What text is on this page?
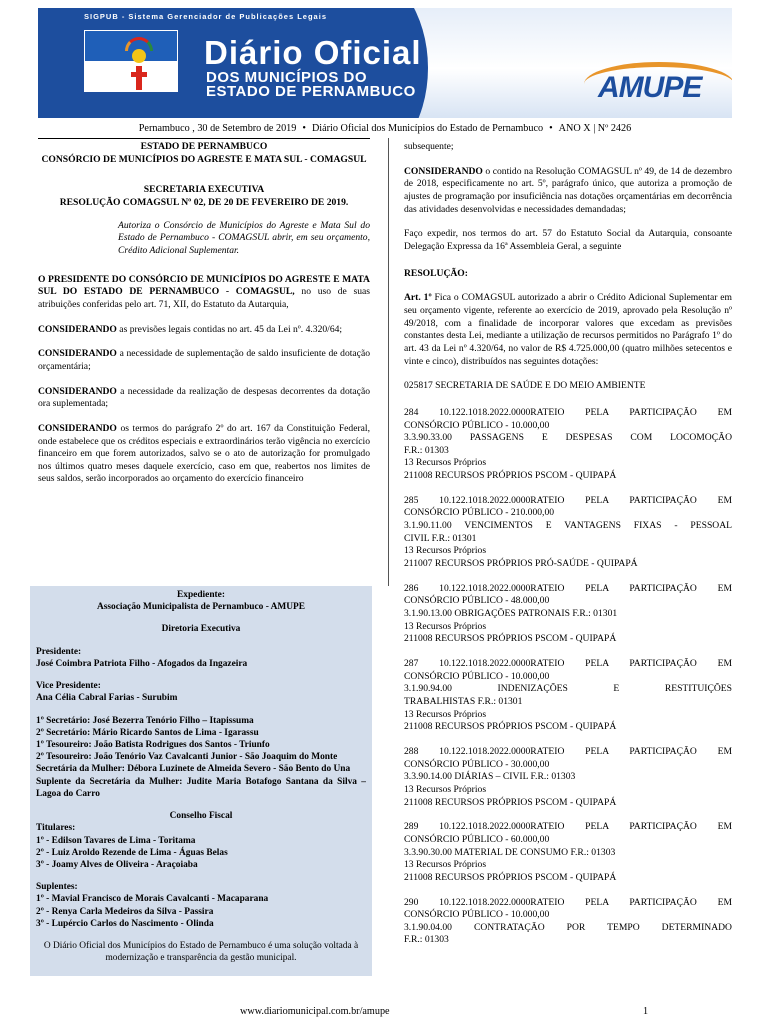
SIGPUB - Sistema Gerenciador de Publicações Legais
Diário Oficial
DOS MUNICÍPIOS DO
ESTADO DE PERNAMBUCO	AMUPE
Pernambuco , 30 de Setembro de 2019 • Diário Oficial dos Municípios do Estado de Pernambuco • ANO X | Nº 2426
ESTADO DE PERNAMBUCO
CONSÓRCIO DE MUNICÍPIOS DO AGRESTE E MATA SUL - COMAGSUL
SECRETARIA EXECUTIVA
RESOLUÇÃO COMAGSUL Nº 02, DE 20 DE FEVEREIRO DE 2019.
Autoriza o Consórcio de Municípios do Agreste e Mata Sul do Estado de Pernambuco - COMAGSUL abrir, em seu orçamento, Crédito Adicional Suplementar.
O PRESIDENTE DO CONSÓRCIO DE MUNICÍPIOS DO AGRESTE E MATA SUL DO ESTADO DE PERNAMBUCO - COMAGSUL, no uso de suas atribuições conferidas pelo art. 71, XII, do Estatuto da Autarquia,
CONSIDERANDO as previsões legais contidas no art. 45 da Lei nº. 4.320/64;
CONSIDERANDO a necessidade de suplementação de saldo insuficiente de dotação orçamentária;
CONSIDERANDO a necessidade da realização de despesas decorrentes da dotação ora suplementada;
CONSIDERANDO os termos do parágrafo 2º do art. 167 da Constituição Federal, onde estabelece que os créditos especiais e extraordinários terão vigência no exercício financeiro em que forem autorizados, salvo se o ato de autorização for promulgado nos últimos quatro meses daquele exercício, caso em que, reabertos nos limites de seus saldos, serão incorporados ao orçamento do exercício financeiro
Expediente:
Associação Municipalista de Pernambuco - AMUPE
Diretoria Executiva
Presidente:
José Coimbra Patriota Filho - Afogados da Ingazeira
Vice Presidente:
Ana Célia Cabral Farias - Surubim
1º Secretário: José Bezerra Tenório Filho – Itapissuma
2º Secretário: Mário Ricardo Santos de Lima - Igarassu
1º Tesoureiro: João Batista Rodrigues dos Santos - Triunfo
2º Tesoureiro: João Tenório Vaz Cavalcanti Junior - São Joaquim do Monte
Secretária da Mulher: Débora Luzinete de Almeida Severo - São Bento do Una
Suplente da Secretária da Mulher: Judite Maria Botafogo Santana da Silva – Lagoa do Carro
Conselho Fiscal
Titulares:
1º - Edilson Tavares de Lima - Toritama
2º - Luiz Aroldo Rezende de Lima - Águas Belas
3º - Joamy Alves de Oliveira - Araçoiaba
Suplentes:
1º - Mavial Francisco de Morais Cavalcanti - Macaparana
2º - Renya Carla Medeiros da Silva - Passira
3º - Lupércio Carlos do Nascimento - Olinda
O Diário Oficial dos Municípios do Estado de Pernambuco é uma solução voltada à modernização e transparência da gestão municipal.
subsequente;
CONSIDERANDO o contido na Resolução COMAGSUL nº 49, de 14 de dezembro de 2018, especificamente no art. 5º, parágrafo único, que autoriza a promoção de ajustes de programação por insuficiência nas dotações orçamentárias em decorrência das atividades desenvolvidas e necessidades demandadas;
Faço expedir, nos termos do art. 57 do Estatuto Social da Autarquia, consoante Delegação Expressa da 16ª Assembleia Geral, a seguinte
RESOLUÇÃO:
Art. 1º Fica o COMAGSUL autorizado a abrir o Crédito Adicional Suplementar em seu orçamento vigente, referente ao exercício de 2019, aprovado pela Resolução nº 49/2018, com a finalidade de incorporar valores que excedam as previsões constantes desta Lei, mediante a utilização de recursos permitidos no Parágrafo 1º do art. 43 da Lei nº 4.320/64, no valor de R$ 4.725.000,00 (quatro milhões setecentos e vinte e cinco), distribuídos nas seguintes dotações:
025817 SECRETARIA DE SAÚDE E DO MEIO AMBIENTE
284 10.122.1018.2022.0000RATEIO PELA PARTICIPAÇÃO EM
CONSÓRCIO PÚBLICO - 10.000,00
3.3.90.33.00 PASSAGENS E DESPESAS COM LOCOMOÇÃO
F.R.: 01303
13 Recursos Próprios
211008 RECURSOS PRÓPRIOS PSCOM - QUIPAPÁ
285 10.122.1018.2022.0000RATEIO PELA PARTICIPAÇÃO EM
CONSÓRCIO PÚBLICO - 210.000,00
3.1.90.11.00 VENCIMENTOS E VANTAGENS FIXAS - PESSOAL
CIVIL F.R.: 01301
13 Recursos Próprios
211007 RECURSOS PRÓPRIOS PRÓ-SAÚDE - QUIPAPÁ
286 10.122.1018.2022.0000RATEIO PELA PARTICIPAÇÃO EM
CONSÓRCIO PÚBLICO - 48.000,00
3.1.90.13.00 OBRIGAÇÕES PATRONAIS F.R.: 01301
13 Recursos Próprios
211008 RECURSOS PRÓPRIOS PSCOM - QUIPAPÁ
287 10.122.1018.2022.0000RATEIO PELA PARTICIPAÇÃO EM
CONSÓRCIO PÚBLICO - 10.000,00
3.1.90.94.00 INDENIZAÇÕES E RESTITUIÇÕES
TRABALHISTAS F.R.: 01301
13 Recursos Próprios
211008 RECURSOS PRÓPRIOS PSCOM - QUIPAPÁ
288 10.122.1018.2022.0000RATEIO PELA PARTICIPAÇÃO EM
CONSÓRCIO PÚBLICO - 30.000,00
3.3.90.14.00 DIÁRIAS – CIVIL F.R.: 01303
13 Recursos Próprios
211008 RECURSOS PRÓPRIOS PSCOM - QUIPAPÁ
289 10.122.1018.2022.0000RATEIO PELA PARTICIPAÇÃO EM
CONSÓRCIO PÚBLICO - 60.000,00
3.3.90.30.00 MATERIAL DE CONSUMO F.R.: 01303
13 Recursos Próprios
211008 RECURSOS PRÓPRIOS PSCOM - QUIPAPÁ
290 10.122.1018.2022.0000RATEIO PELA PARTICIPAÇÃO EM
CONSÓRCIO PÚBLICO - 10.000,00
3.1.90.04.00 CONTRATAÇÃO POR TEMPO DETERMINADO
F.R.: 01303
www.diariomunicipal.com.br/amupe	1
